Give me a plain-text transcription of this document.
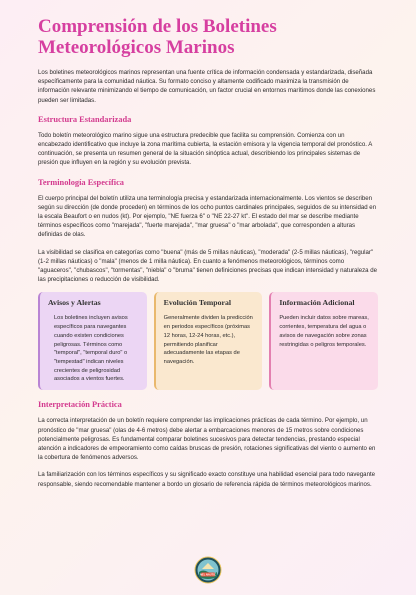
Comprensión de los Boletines Meteorológicos Marinos

Los boletines meteorológicos marinos representan una fuente crítica de información condensada y estandarizada, diseñada específicamente para la comunidad náutica. Su formato conciso y altamente codificado maximiza la transmisión de información relevante minimizando el tiempo de comunicación, un factor crucial en entornos marítimos donde las conexiones pueden ser limitadas.

Estructura Estandarizada

Todo boletín meteorológico marino sigue una estructura predecible que facilita su comprensión. Comienza con un encabezado identificativo que incluye la zona marítima cubierta, la estación emisora y la vigencia temporal del pronóstico. A continuación, se presenta un resumen general de la situación sinóptica actual, describiendo los principales sistemas de presión que influyen en la región y su evolución prevista.

Terminología Específica

El cuerpo principal del boletín utiliza una terminología precisa y estandarizada internacionalmente. Los vientos se describen según su dirección (de donde proceden) en términos de los ocho puntos cardinales principales, seguidos de su intensidad en la escala Beaufort o en nudos (kt). Por ejemplo, "NE fuerza 6" o "NE 22-27 kt". El estado del mar se describe mediante términos específicos como "marejada", "fuerte marejada", "mar gruesa" o "mar arbolada", que corresponden a alturas definidas de olas.

La visibilidad se clasifica en categorías como "buena" (más de 5 millas náuticas), "moderada" (2-5 millas náuticas), "regular" (1-2 millas náuticas) o "mala" (menos de 1 milla náutica). En cuanto a fenómenos meteorológicos, términos como "aguaceros", "chubascos", "tormentas", "niebla" o "bruma" tienen definiciones precisas que indican intensidad y naturaleza de las precipitaciones o reducción de visibilidad.

Avisos y Alertas

Los boletines incluyen avisos específicos para navegantes cuando existen condiciones peligrosas. Términos como "temporal", "temporal duro" o "tempestad" indican niveles crecientes de peligrosidad asociados a vientos fuertes.

Evolución Temporal

Generalmente dividen la predicción en periodos específicos (próximas 12 horas, 12-24 horas, etc.), permitiendo planificar adecuadamente las etapas de navegación.

Información Adicional

Pueden incluir datos sobre mareas, corrientes, temperatura del agua o avisos de navegación sobre zonas restringidas o peligros temporales.

Interpretación Práctica

La correcta interpretación de un boletín requiere comprender las implicaciones prácticas de cada término. Por ejemplo, un pronóstico de "mar gruesa" (olas de 4-6 metros) debe alertar a embarcaciones menores de 15 metros sobre condiciones potencialmente peligrosas. Es fundamental comparar boletines sucesivos para detectar tendencias, prestando especial atención a indicadores de empeoramiento como caídas bruscas de presión, rotaciones significativas del viento o aumento en la cobertura de fenómenos adversos.

La familiarización con los términos específicos y su significado exacto constituye una habilidad esencial para todo navegante responsable, siendo recomendable mantener a bordo un glosario de referencia rápida de términos meteorológicos marinos.

NEL NAUTIC
